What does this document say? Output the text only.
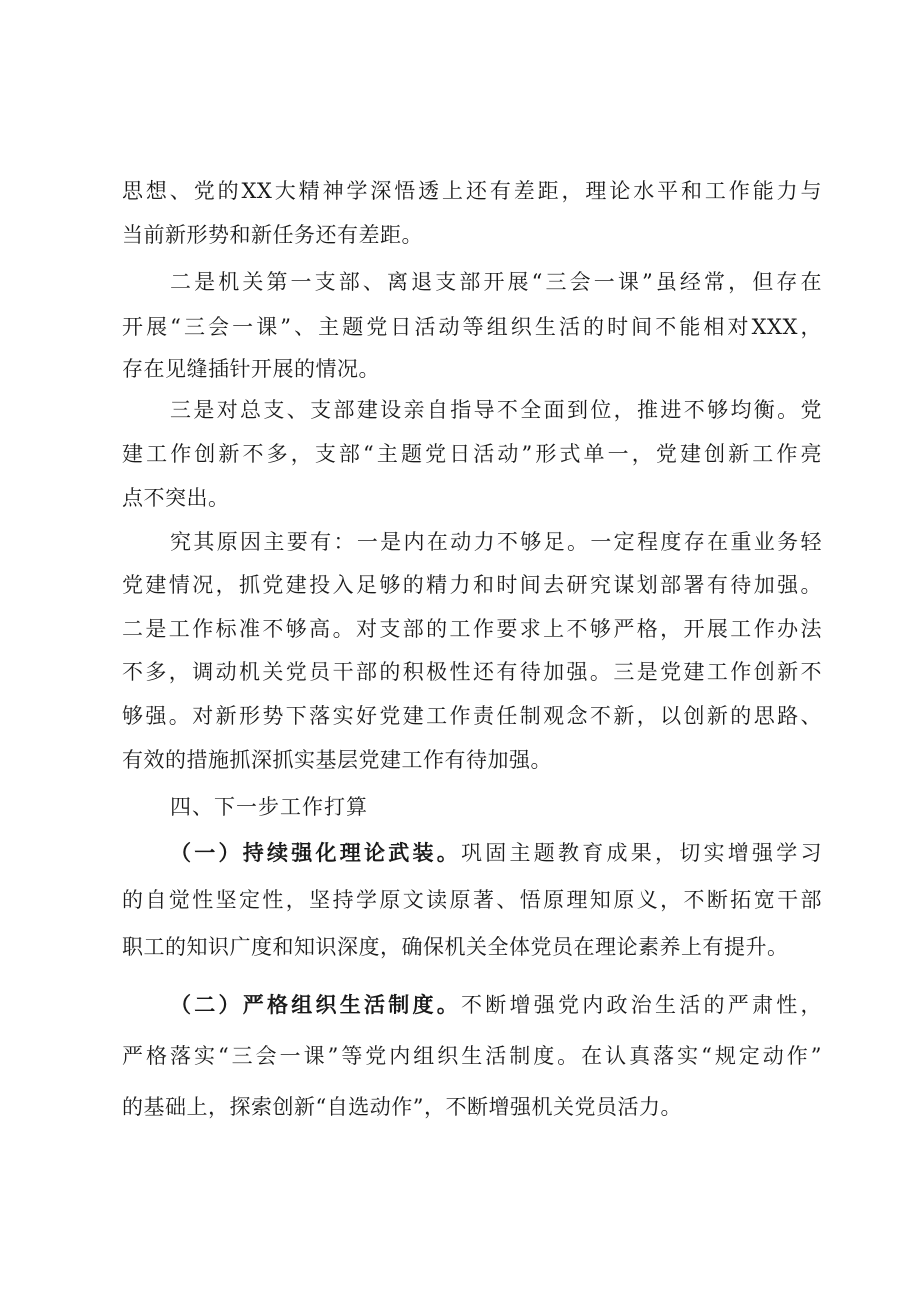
思想、党的XX大精神学深悟透上还有差距，理论水平和工作能力与
当前新形势和新任务还有差距。
二是机关第一支部、离退支部开展“三会一课”虽经常，但存在
开展“三会一课”、主题党日活动等组织生活的时间不能相对XXX，
存在见缝插针开展的情况。
三是对总支、支部建设亲自指导不全面到位，推进不够均衡。党
建工作创新不多，支部“主题党日活动”形式单一，党建创新工作亮
点不突出。
究其原因主要有：一是内在动力不够足。一定程度存在重业务轻
党建情况，抓党建投入足够的精力和时间去研究谋划部署有待加强。
二是工作标准不够高。对支部的工作要求上不够严格，开展工作办法
不多，调动机关党员干部的积极性还有待加强。三是党建工作创新不
够强。对新形势下落实好党建工作责任制观念不新，以创新的思路、
有效的措施抓深抓实基层党建工作有待加强。
四、下一步工作打算
（一）持续强化理论武装。巩固主题教育成果，切实增强学习
的自觉性坚定性，坚持学原文读原著、悟原理知原义，不断拓宽干部
职工的知识广度和知识深度，确保机关全体党员在理论素养上有提升。
（二）严格组织生活制度。不断增强党内政治生活的严肃性，
严格落实“三会一课”等党内组织生活制度。在认真落实“规定动作”
的基础上，探索创新“自选动作”，不断增强机关党员活力。
